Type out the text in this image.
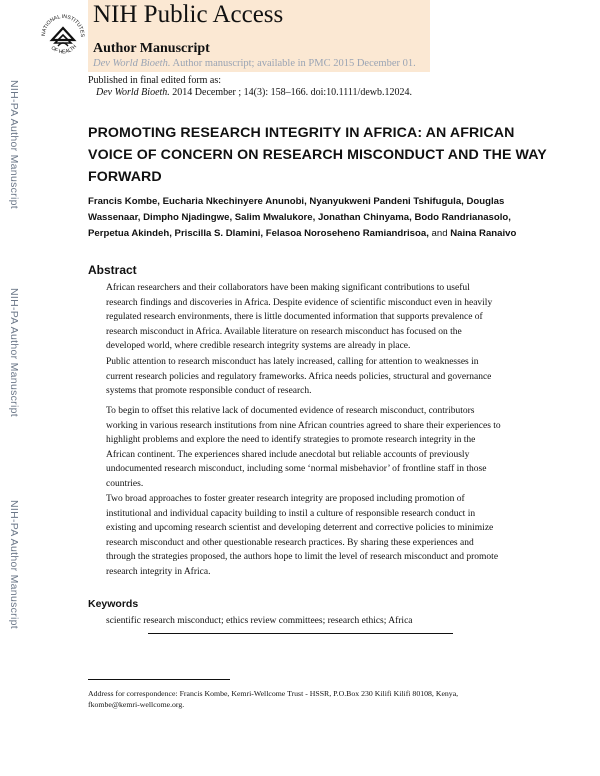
NATIONAL INSTITUTES
OF HEALTH
NIH Public Access
Author Manuscript
Dev World Bioeth. Author manuscript; available in PMC 2015 December 01.
Published in final edited form as:
Dev World Bioeth. 2014 December ; 14(3): 158–166. doi:10.1111/dewb.12024.
NIH-PA Author Manuscript
NIH-PA Author Manuscript
NIH-PA Author Manuscript
PROMOTING RESEARCH INTEGRITY IN AFRICA: AN AFRICAN VOICE OF CONCERN ON RESEARCH MISCONDUCT AND THE WAY FORWARD
Francis Kombe, Eucharia Nkechinyere Anunobi, Nyanyukweni Pandeni Tshifugula, Douglas Wassenaar, Dimpho Njadingwe, Salim Mwalukore, Jonathan Chinyama, Bodo Randrianasolo, Perpetua Akindeh, Priscilla S. Dlamini, Felasoa Noroseheno Ramiandrisoa, and Naina Ranaivo
Abstract

African researchers and their collaborators have been making significant contributions to useful research findings and discoveries in Africa. Despite evidence of scientific misconduct even in heavily regulated research environments, there is little documented information that supports prevalence of research misconduct in Africa. Available literature on research misconduct has focused on the developed world, where credible research integrity systems are already in place.

Public attention to research misconduct has lately increased, calling for attention to weaknesses in current research policies and regulatory frameworks. Africa needs policies, structural and governance systems that promote responsible conduct of research.

To begin to offset this relative lack of documented evidence of research misconduct, contributors working in various research institutions from nine African countries agreed to share their experiences to highlight problems and explore the need to identify strategies to promote research integrity in the African continent. The experiences shared include anecdotal but reliable accounts of previously undocumented research misconduct, including some ‘normal misbehavior’ of frontline staff in those countries.

Two broad approaches to foster greater research integrity are proposed including promotion of institutional and individual capacity building to instil a culture of responsible research conduct in existing and upcoming research scientist and developing deterrent and corrective policies to minimize research misconduct and other questionable research practices. By sharing these experiences and through the strategies proposed, the authors hope to limit the level of research misconduct and promote research integrity in Africa.

Keywords
scientific research misconduct; ethics review committees; research ethics; Africa
Address for correspondence: Francis Kombe, Kemri-Wellcome Trust - HSSR, P.O.Box 230 Kilifi Kilifi 80108, Kenya, fkombe@kemri-wellcome.org.
